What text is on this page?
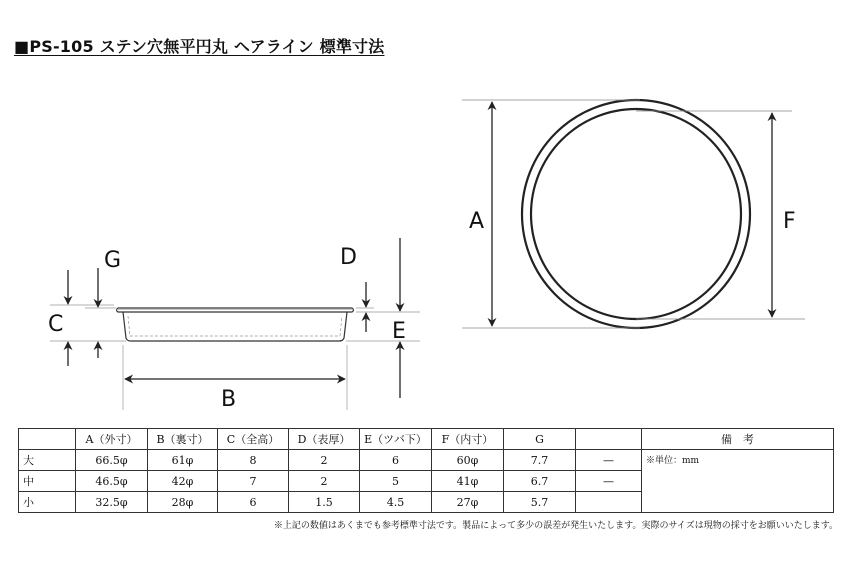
■PS-105 ステン穴無平円丸 ヘアライン 標準寸法
A	F
C
G	D
E
B
	A（外寸）	B（裏寸）	C（全高）	D（表厚）	E（ツバ下）	F（内寸）	G		備　考
大	66.5φ	61φ	8	2	6	60φ	7.7	—	※単位：mm
中	46.5φ	42φ	7	2	5	41φ	6.7	—	
小	32.5φ	28φ	6	1.5	4.5	27φ	5.7		
※上記の数値はあくまでも参考標準寸法です。製品によって多少の誤差が発生いたします。実際のサイズは現物の採寸をお願いいたします。
